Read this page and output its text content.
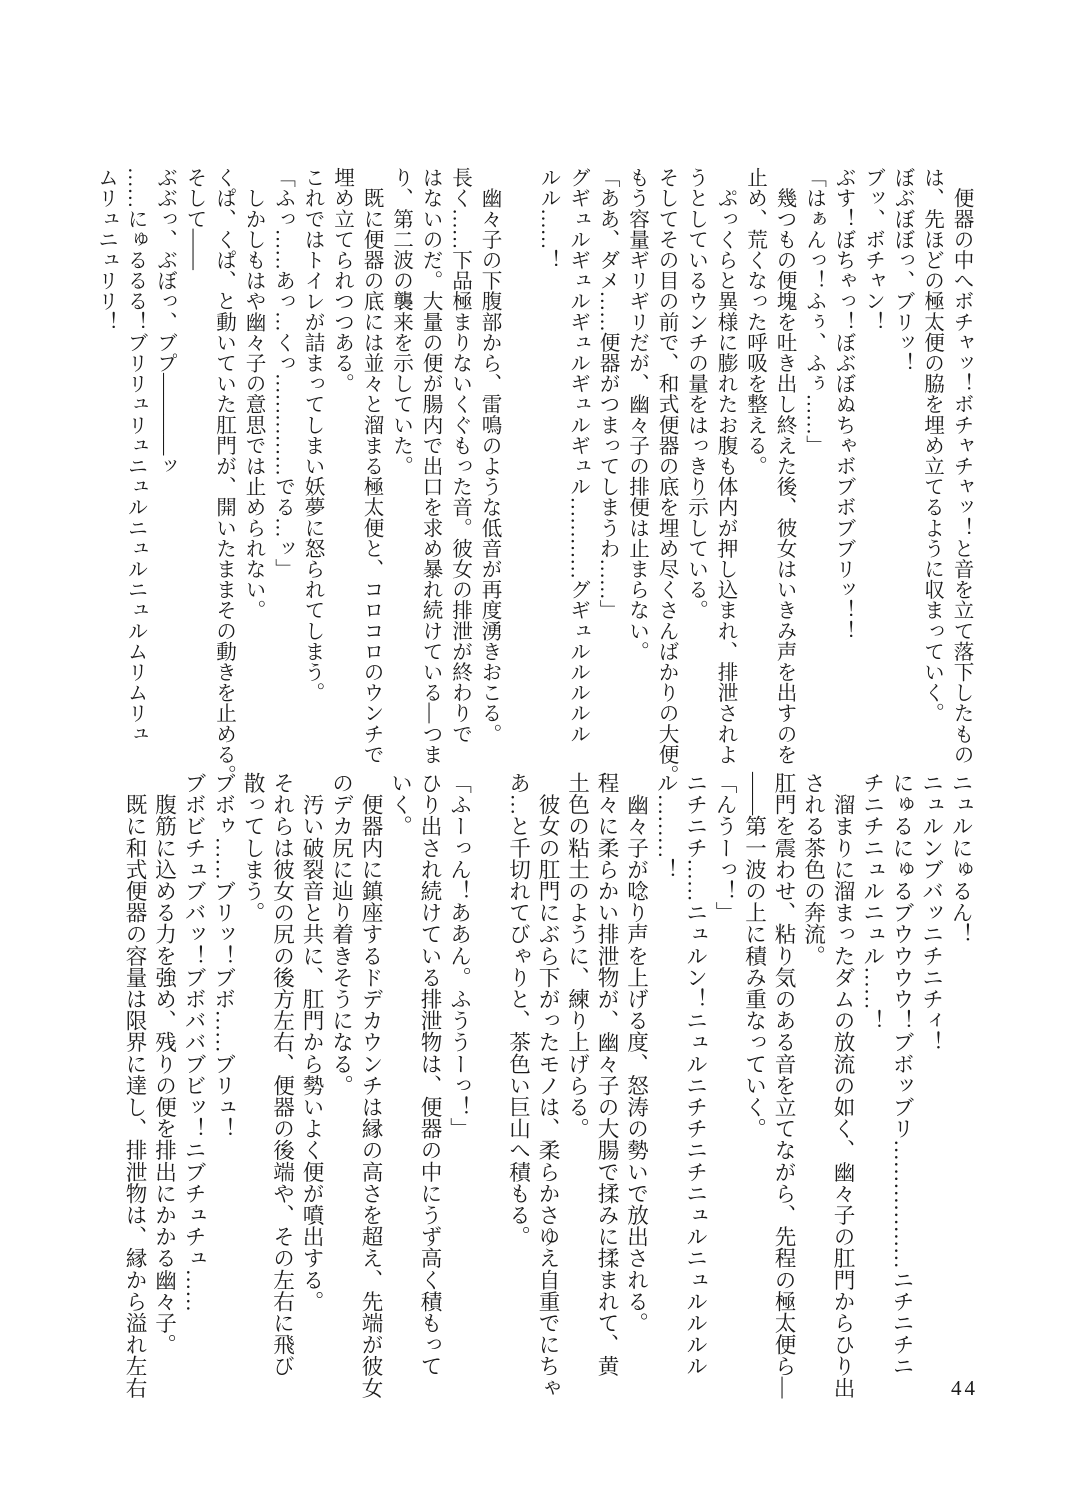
　便器の中へボチャッ！ボチャチャッ！と音を立て落下したもの

は、先ほどの極太便の脇を埋め立てるように収まっていく。

ぼぶぼぼっ、ブリッ！

ブッ、ボチャン！

ぶす！ぼちゃっ！ぼぶぼぬちゃボブボブブリッ！！

「はぁんっ！ふぅ、ふぅ……」

　幾つもの便塊を吐き出し終えた後、彼女はいきみ声を出すのを

止め、荒くなった呼吸を整える。

　ぷっくらと異様に膨れたお腹も体内が押し込まれ、排泄されよ

うとしているウンチの量をはっきり示している。

そしてその目の前で、和式便器の底を埋め尽くさんばかりの大便。

もう容量ギリギリだが、幽々子の排便は止まらない。

「ああ、ダメ……便器がつまってしまうわ……」

グギュルギュルギュルギュルギュル…………グギュルルルルル

ルル……！

　幽々子の下腹部から、雷鳴のような低音が再度湧きおこる。

長く……下品極まりないくぐもった音。彼女の排泄が終わりで

はないのだ。大量の便が腸内で出口を求め暴れ続けている―つま

り、第二波の襲来を示していた。

　既に便器の底には並々と溜まる極太便と、コロコロのウンチで

埋め立てられつつある。

これではトイレが詰まってしまい妖夢に怒られてしまう。

「ふっ……あっ…くっ……………でる…ッ」

　しかしもはや幽々子の意思では止められない。

くぱ、くぱ、と動いていた肛門が、開いたままその動きを止める。

そして――

ぶぶっ、ぶぼっ、ブプ――――ッ

……にゅるるる！ブリリュリュニュルニュルニュルムリムリュ

ムリュニュリリ！

ニュルにゅるん！

ニュルンブバッニチニチィ！

にゅるにゅるブウウウウ！ブボッブリ………………ニチニチニ

チニチニュルニュル……！

　溜まりに溜まったダムの放流の如く、幽々子の肛門からひり出

される茶色の奔流。

肛門を震わせ、粘り気のある音を立てながら、先程の極太便ら―

――第一波の上に積み重なっていく。

「んうーっ！」

ニチニチ……ニュルン！ニュルニチチニチニュルニュルルルル

ル………！

　幽々子が唸り声を上げる度、怒涛の勢いで放出される。

程々に柔らかい排泄物が、幽々子の大腸で揉みに揉まれて、黄

土色の粘土のように、練り上げらる。

　彼女の肛門にぶら下がったモノは、柔らかさゆえ自重でにちゃ

あ…と千切れてびゃりと、茶色い巨山へ積もる。

「ふーっん！ああん。ふううーっ！」

ひり出され続けている排泄物は、便器の中にうず高く積もって

いく。

　便器内に鎮座するドデカウンチは縁の高さを超え、先端が彼女

のデカ尻に辿り着きそうになる。

　汚い破裂音と共に、肛門から勢いよく便が噴出する。

それらは彼女の尻の後方左右、便器の後端や、その左右に飛び

散ってしまう。

ブボゥ……ブリッ！ブボ……ブリュ！

ブボビチュブバッ！ブボババブビッ！ニブチュチュ……

　腹筋に込める力を強め、残りの便を排出にかかる幽々子。

　既に和式便器の容量は限界に達し、排泄物は、縁から溢れ左右	44
